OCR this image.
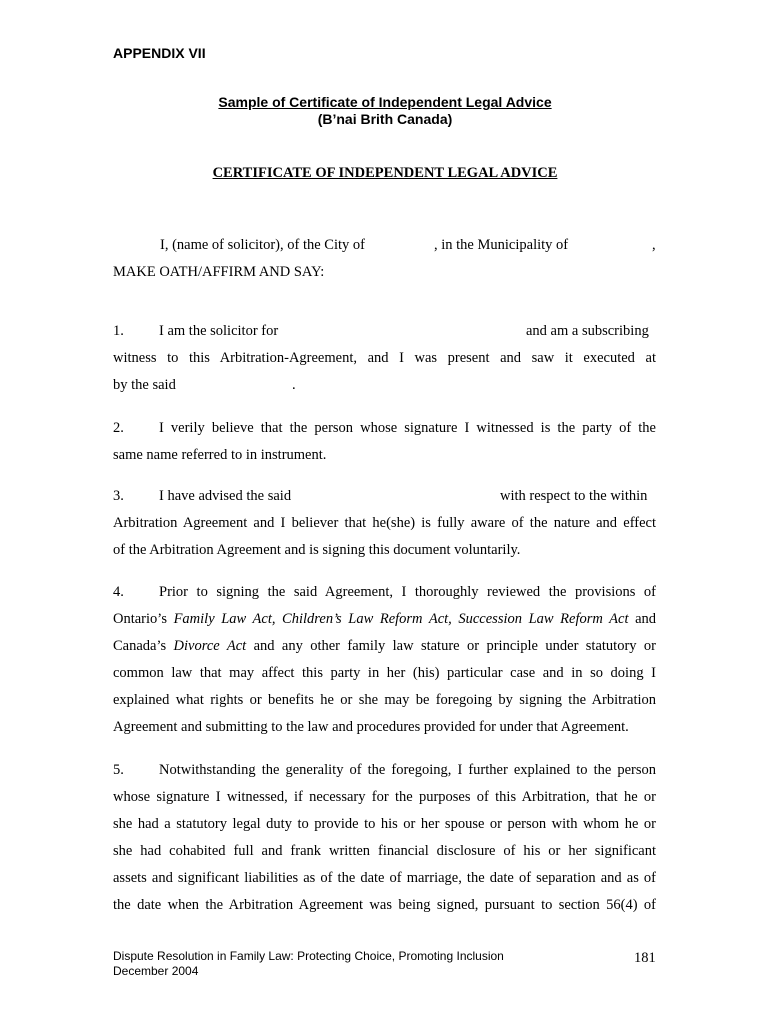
APPENDIX VII
Sample of Certificate of Independent Legal Advice
(B’nai Brith Canada)
CERTIFICATE OF INDEPENDENT LEGAL ADVICE
I, (name of solicitor), of the City of	, in the Municipality of	,
MAKE OATH/AFFIRM AND SAY:
1. I am the solicitor for	and am a subscribing
witness to this Arbitration-Agreement, and I was present and saw it executed at
by the said	.
2. I verily believe that the person whose signature I witnessed is the party of the
same name referred to in instrument.
3. I have advised the said	with respect to the within
Arbitration Agreement and I believer that he(she) is fully aware of the nature and effect
of the Arbitration Agreement and is signing this document voluntarily.
4. Prior to signing the said Agreement, I thoroughly reviewed the provisions of
Ontario’s Family Law Act, Children’s Law Reform Act, Succession Law Reform Act and
Canada’s Divorce Act and any other family law stature or principle under statutory or
common law that may affect this party in her (his) particular case and in so doing I
explained what rights or benefits he or she may be foregoing by signing the Arbitration
Agreement and submitting to the law and procedures provided for under that Agreement.
5. Notwithstanding the generality of the foregoing, I further explained to the person
whose signature I witnessed, if necessary for the purposes of this Arbitration, that he or
she had a statutory legal duty to provide to his or her spouse or person with whom he or
she had cohabited full and frank written financial disclosure of his or her significant
assets and significant liabilities as of the date of marriage, the date of separation and as of
the date when the Arbitration Agreement was being signed, pursuant to section 56(4) of
Dispute Resolution in Family Law: Protecting Choice, Promoting Inclusion
December 2004
181
